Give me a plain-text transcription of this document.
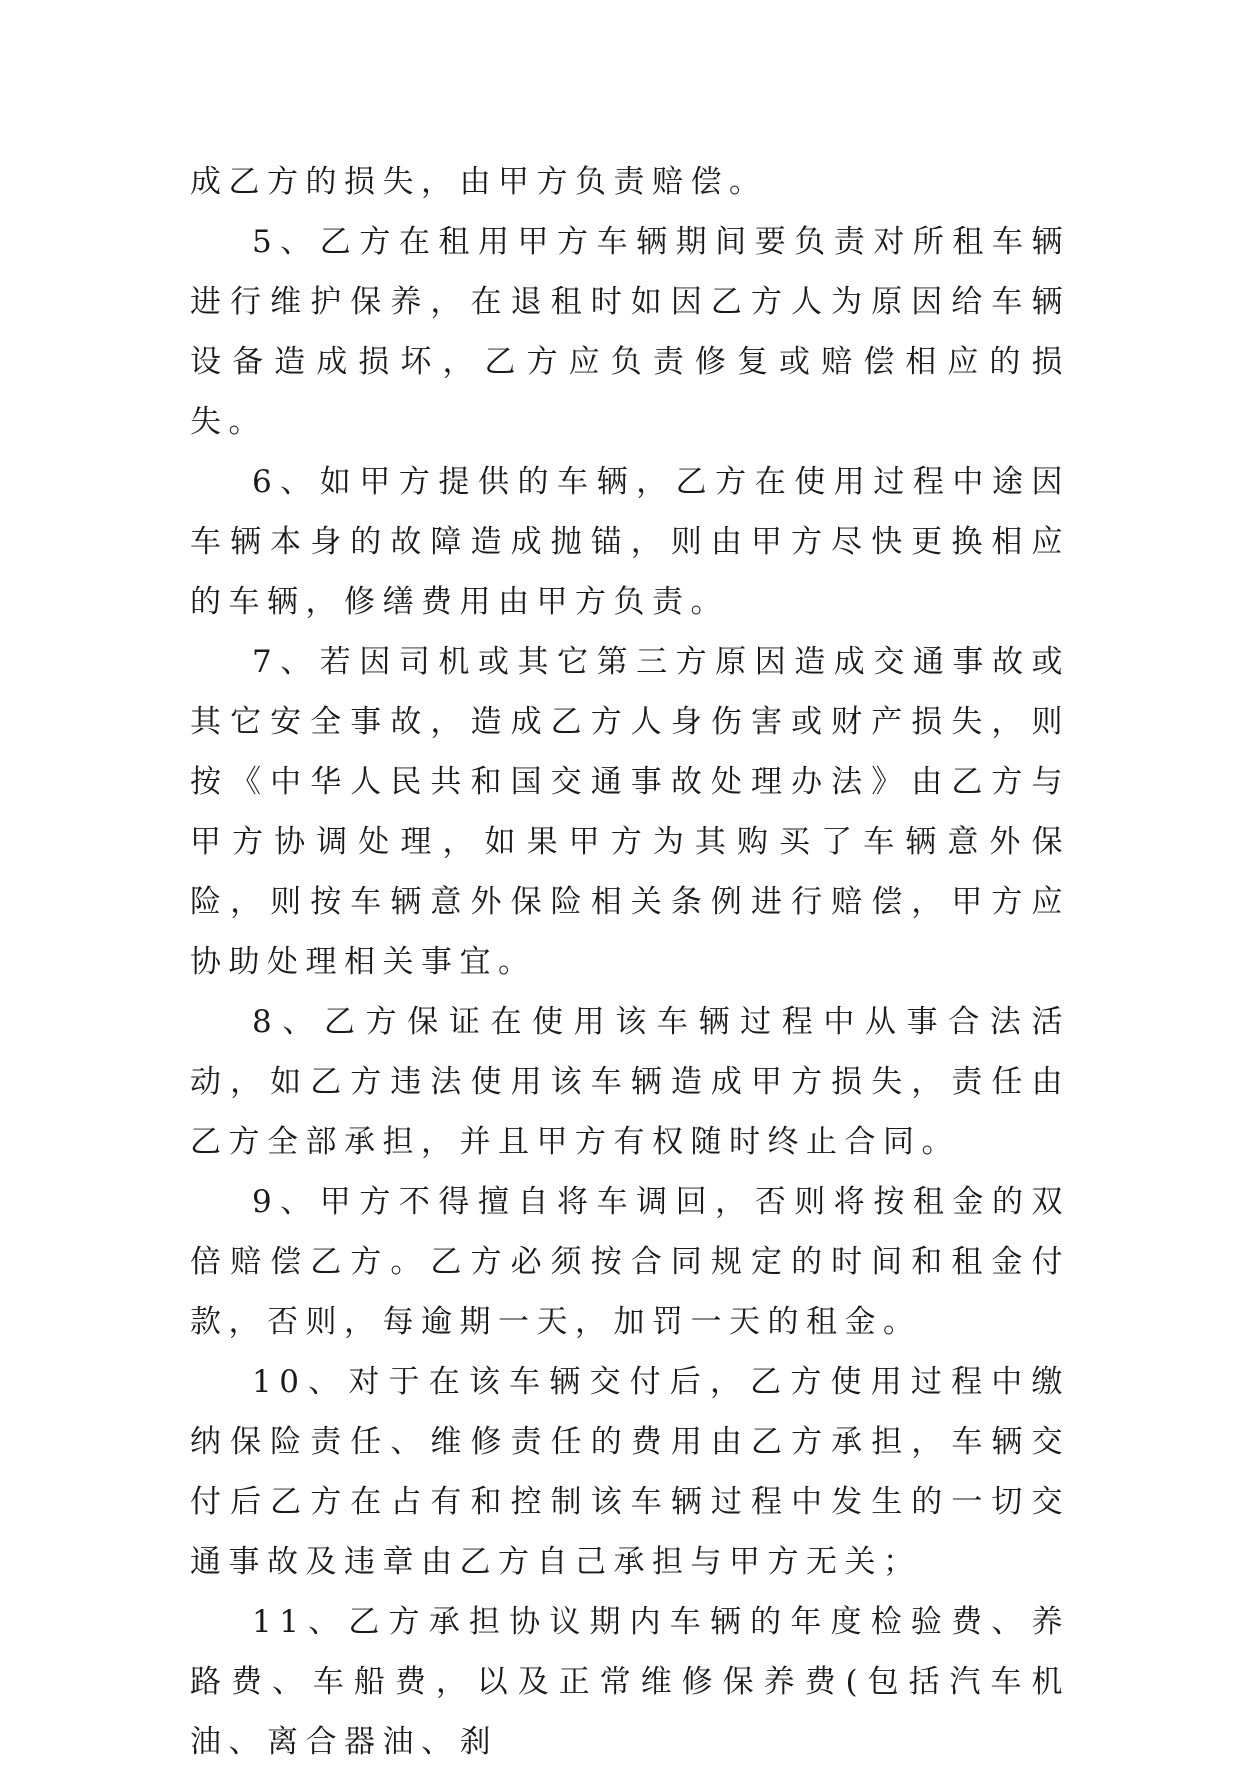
成乙方的损失，由甲方负责赔偿。

5、乙方在租用甲方车辆期间要负责对所租车辆进行维护保养，在退租时如因乙方人为原因给车辆设备造成损坏，乙方应负责修复或赔偿相应的损失。

6、如甲方提供的车辆，乙方在使用过程中途因车辆本身的故障造成抛锚，则由甲方尽快更换相应的车辆，修缮费用由甲方负责。

7、若因司机或其它第三方原因造成交通事故或其它安全事故，造成乙方人身伤害或财产损失，则按《中华人民共和国交通事故处理办法》由乙方与甲方协调处理，如果甲方为其购买了车辆意外保险，则按车辆意外保险相关条例进行赔偿，甲方应协助处理相关事宜。

8、乙方保证在使用该车辆过程中从事合法活动，如乙方违法使用该车辆造成甲方损失，责任由乙方全部承担，并且甲方有权随时终止合同。

9、甲方不得擅自将车调回，否则将按租金的双倍赔偿乙方。乙方必须按合同规定的时间和租金付款，否则，每逾期一天，加罚一天的租金。

10、对于在该车辆交付后，乙方使用过程中缴纳保险责任、维修责任的费用由乙方承担，车辆交付后乙方在占有和控制该车辆过程中发生的一切交通事故及违章由乙方自己承担与甲方无关；

11、乙方承担协议期内车辆的年度检验费、养路费、车船费，以及正常维修保养费(包括汽车机油、离合器油、刹
